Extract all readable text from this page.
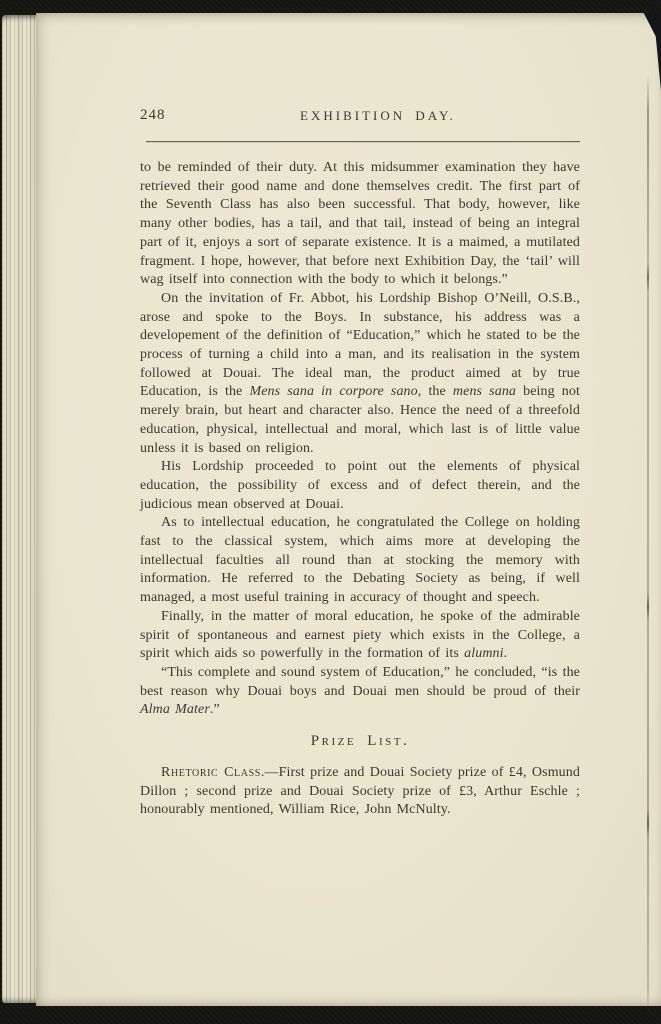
248	EXHIBITION DAY.

to be reminded of their duty. At this midsummer examination they have retrieved their good name and done themselves credit. The first part of the Seventh Class has also been successful. That body, however, like many other bodies, has a tail, and that tail, instead of being an integral part of it, enjoys a sort of separate existence. It is a maimed, a mutilated fragment. I hope, however, that before next Exhibition Day, the ‘tail’ will wag itself into connection with the body to which it belongs.”

On the invitation of Fr. Abbot, his Lordship Bishop O’Neill, O.S.B., arose and spoke to the Boys. In substance, his address was a developement of the definition of “Education,” which he stated to be the process of turning a child into a man, and its realisation in the system followed at Douai. The ideal man, the product aimed at by true Education, is the Mens sana in corpore sano, the mens sana being not merely brain, but heart and character also. Hence the need of a threefold education, physical, intellectual and moral, which last is of little value unless it is based on religion.

His Lordship proceeded to point out the elements of physical education, the possibility of excess and of defect therein, and the judicious mean observed at Douai.

As to intellectual education, he congratulated the College on holding fast to the classical system, which aims more at developing the intellectual faculties all round than at stocking the memory with information. He referred to the Debating Society as being, if well managed, a most useful training in accuracy of thought and speech.

Finally, in the matter of moral education, he spoke of the admirable spirit of spontaneous and earnest piety which exists in the College, a spirit which aids so powerfully in the formation of its alumni.

“This complete and sound system of Education,” he concluded, “is the best reason why Douai boys and Douai men should be proud of their Alma Mater.”

Prize List.

Rhetoric Class.—First prize and Douai Society prize of £4, Osmund Dillon ; second prize and Douai Society prize of £3, Arthur Eschle ; honourably mentioned, William Rice, John McNulty.
